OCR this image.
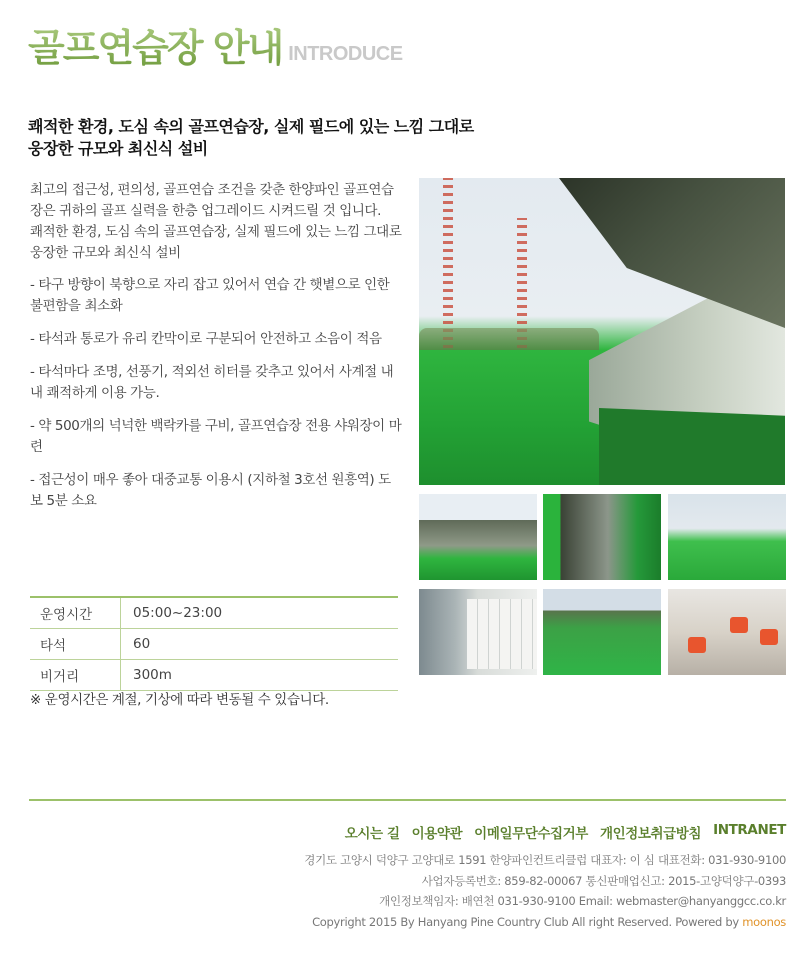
골프연습장 안내 INTRODUCE
쾌적한 환경, 도심 속의 골프연습장, 실제 필드에 있는 느낌 그대로
웅장한 규모와 최신식 설비

최고의 접근성, 편의성, 골프연습 조건을 갖춘 한양파인 골프연습장은 귀하의 골프 실력을 한층 업그레이드 시켜드릴 것 입니다.
쾌적한 환경, 도심 속의 골프연습장, 실제 필드에 있는 느낌 그대로 웅장한 규모와 최신식 설비

- 타구 방향이 북향으로 자리 잡고 있어서 연습 간 햇볕으로 인한 불편함을 최소화

- 타석과 통로가 유리 칸막이로 구분되어 안전하고 소음이 적음

- 타석마다 조명, 선풍기, 적외선 히터를 갖추고 있어서 사계절 내내 쾌적하게 이용 가능.

- 약 500개의 넉넉한 백락카를 구비, 골프연습장 전용 샤워장이 마련

- 접근성이 매우 좋아 대중교통 이용시 (지하철 3호선 원흥역) 도보 5분 소요

운영시간	05:00~23:00
타석	60
비거리	300m
※ 운영시간은 계절, 기상에 따라 변동될 수 있습니다.
오시는 길 이용약관 이메일무단수집거부 개인정보취급방침 INTRANET
경기도 고양시 덕양구 고양대로 1591 한양파인컨트리클럽 대표자: 이 심 대표전화: 031-930-9100
사업자등록번호: 859-82-00067 통신판매업신고: 2015-고양덕양구-0393
개인정보책임자: 배연천 031-930-9100 Email: webmaster@hanyanggcc.co.kr
Copyright 2015 By Hanyang Pine Country Club All right Reserved. Powered by moonos
